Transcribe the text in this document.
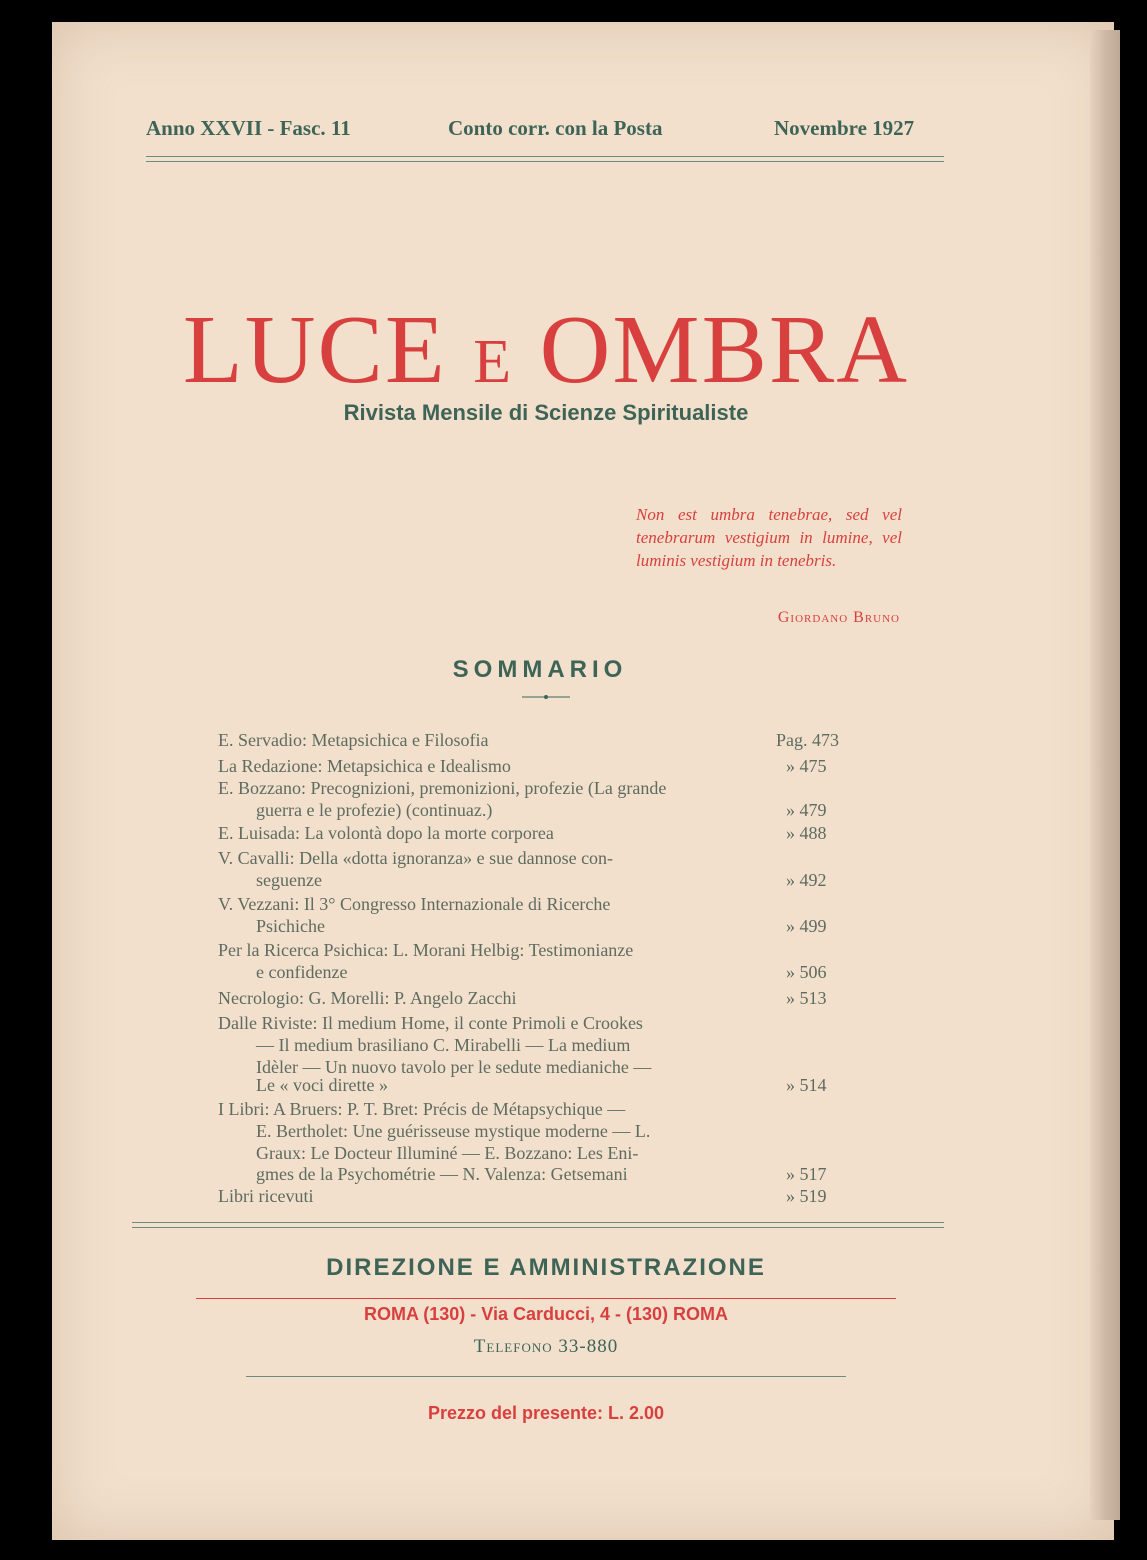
Anno XXVII - Fasc. 11	Conto corr. con la Posta	Novembre 1927
LUCE E OMBRA
Rivista Mensile di Scienze Spiritualiste
Non est umbra tenebrae, sed vel tenebrarum vestigium in lumine, vel luminis vestigium in tenebris.
Giordano Bruno
SOMMARIO
E. Servadio: Metapsichica e Filosofia	Pag. 473
La Redazione: Metapsichica e Idealismo	» 475
E. Bozzano: Precognizioni, premonizioni, profezie (La grande
guerra e le profezie) (continuaz.)	» 479
E. Luisada: La volontà dopo la morte corporea	» 488
V. Cavalli: Della «dotta ignoranza» e sue dannose con-
seguenze	» 492
V. Vezzani: Il 3° Congresso Internazionale di Ricerche
Psichiche	» 499
Per la Ricerca Psichica: L. Morani Helbig: Testimonianze
e confidenze	» 506
Necrologio: G. Morelli: P. Angelo Zacchi	» 513
Dalle Riviste: Il medium Home, il conte Primoli e Crookes
— Il medium brasiliano C. Mirabelli — La medium
Idèler — Un nuovo tavolo per le sedute medianiche —
Le « voci dirette »	» 514
I Libri: A Bruers: P. T. Bret: Précis de Métapsychique —
E. Bertholet: Une guérisseuse mystique moderne — L.
Graux: Le Docteur Illuminé — E. Bozzano: Les Eni-
gmes de la Psychométrie — N. Valenza: Getsemani	» 517
Libri ricevuti	» 519
DIREZIONE E AMMINISTRAZIONE
ROMA (130) - Via Carducci, 4 - (130) ROMA
Telefono 33-880
Prezzo del presente: L. 2.00
